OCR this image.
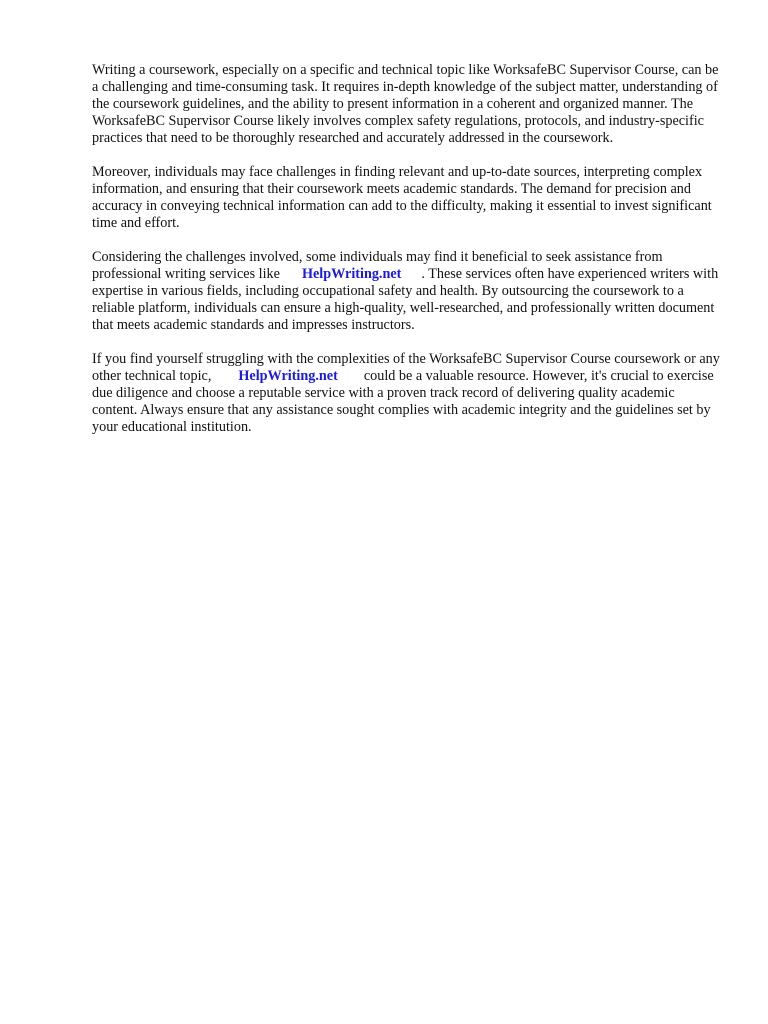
Writing a coursework, especially on a specific and technical topic like WorksafeBC Supervisor Course, can be a challenging and time-consuming task. It requires in-depth knowledge of the subject matter, understanding of the coursework guidelines, and the ability to present information in a coherent and organized manner. The WorksafeBC Supervisor Course likely involves complex safety regulations, protocols, and industry-specific practices that need to be thoroughly researched and accurately addressed in the coursework.

Moreover, individuals may face challenges in finding relevant and up-to-date sources, interpreting complex information, and ensuring that their coursework meets academic standards. The demand for precision and accuracy in conveying technical information can add to the difficulty, making it essential to invest significant time and effort.

Considering the challenges involved, some individuals may find it beneficial to seek assistance from professional writing services like HelpWriting.net . These services often have experienced writers with expertise in various fields, including occupational safety and health. By outsourcing the coursework to a reliable platform, individuals can ensure a high-quality, well-researched, and professionally written document that meets academic standards and impresses instructors.

If you find yourself struggling with the complexities of the WorksafeBC Supervisor Course coursework or any other technical topic, HelpWriting.net could be a valuable resource. However, it's crucial to exercise due diligence and choose a reputable service with a proven track record of delivering quality academic content. Always ensure that any assistance sought complies with academic integrity and the guidelines set by your educational institution.
